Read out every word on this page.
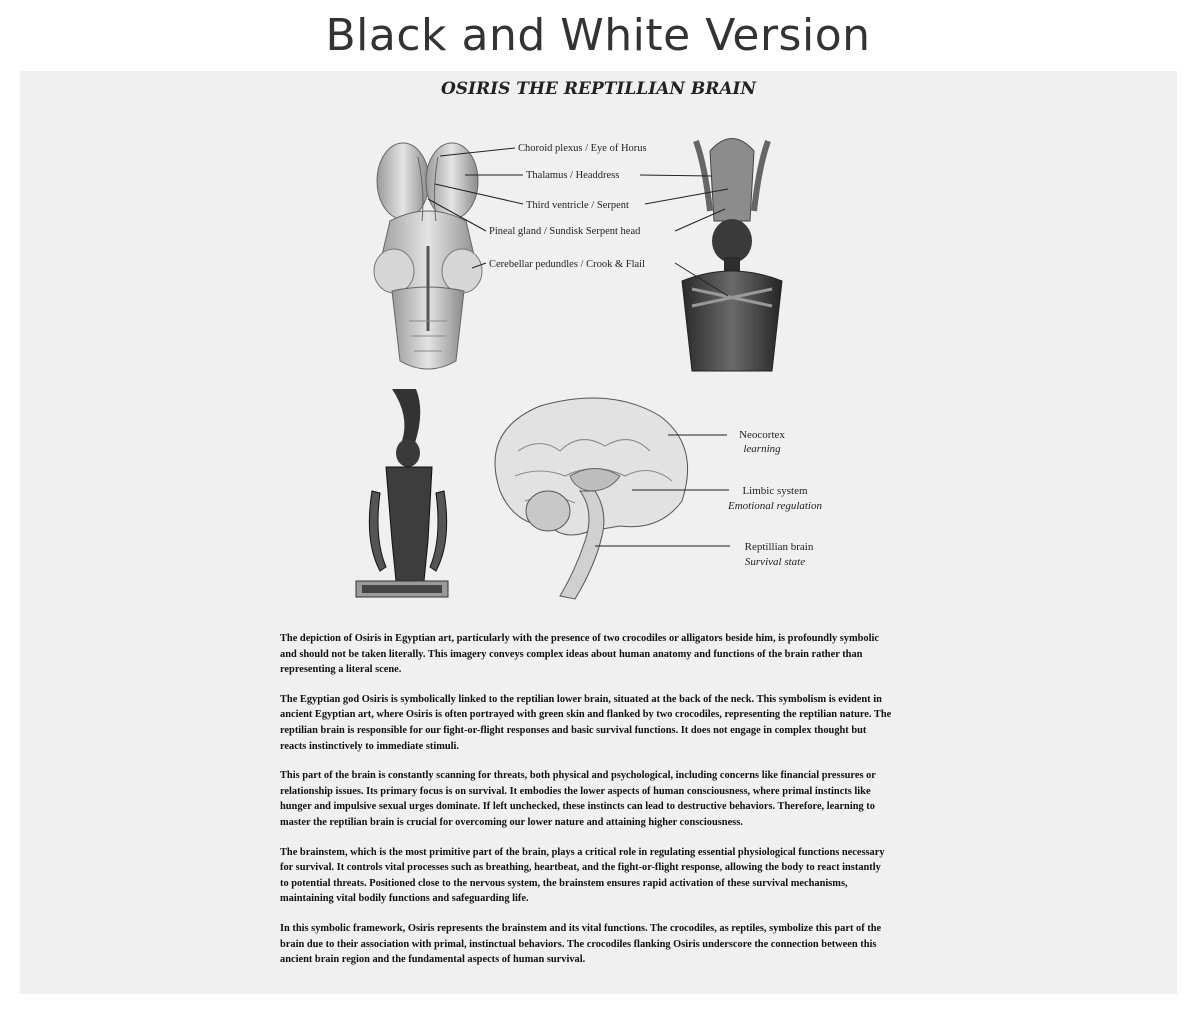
Black and White Version
OSIRIS THE REPTILLIAN BRAIN
Choroid plexus / Eye of Horus
Thalamus / Headdress
Third ventricle / Serpent
Pineal gland / Sundisk Serpent head
Cerebellar pedundles / Crook & Flail
Neocortex
learning
Limbic system
Emotional regulation
Reptillian brain
Survival state

The depiction of Osiris in Egyptian art, particularly with the presence of two crocodiles or alligators beside him, is profoundly symbolic and should not be taken literally. This imagery conveys complex ideas about human anatomy and functions of the brain rather than representing a literal scene.

The Egyptian god Osiris is symbolically linked to the reptilian lower brain, situated at the back of the neck. This symbolism is evident in ancient Egyptian art, where Osiris is often portrayed with green skin and flanked by two crocodiles, representing the reptilian nature. The reptilian brain is responsible for our fight-or-flight responses and basic survival functions. It does not engage in complex thought but reacts instinctively to immediate stimuli.

This part of the brain is constantly scanning for threats, both physical and psychological, including concerns like financial pressures or relationship issues. Its primary focus is on survival. It embodies the lower aspects of human consciousness, where primal instincts like hunger and impulsive sexual urges dominate. If left unchecked, these instincts can lead to destructive behaviors. Therefore, learning to master the reptilian brain is crucial for overcoming our lower nature and attaining higher consciousness.

The brainstem, which is the most primitive part of the brain, plays a critical role in regulating essential physiological functions necessary for survival. It controls vital processes such as breathing, heartbeat, and the fight-or-flight response, allowing the body to react instantly to potential threats. Positioned close to the nervous system, the brainstem ensures rapid activation of these survival mechanisms, maintaining vital bodily functions and safeguarding life.

In this symbolic framework, Osiris represents the brainstem and its vital functions. The crocodiles, as reptiles, symbolize this part of the brain due to their association with primal, instinctual behaviors. The crocodiles flanking Osiris underscore the connection between this ancient brain region and the fundamental aspects of human survival.
